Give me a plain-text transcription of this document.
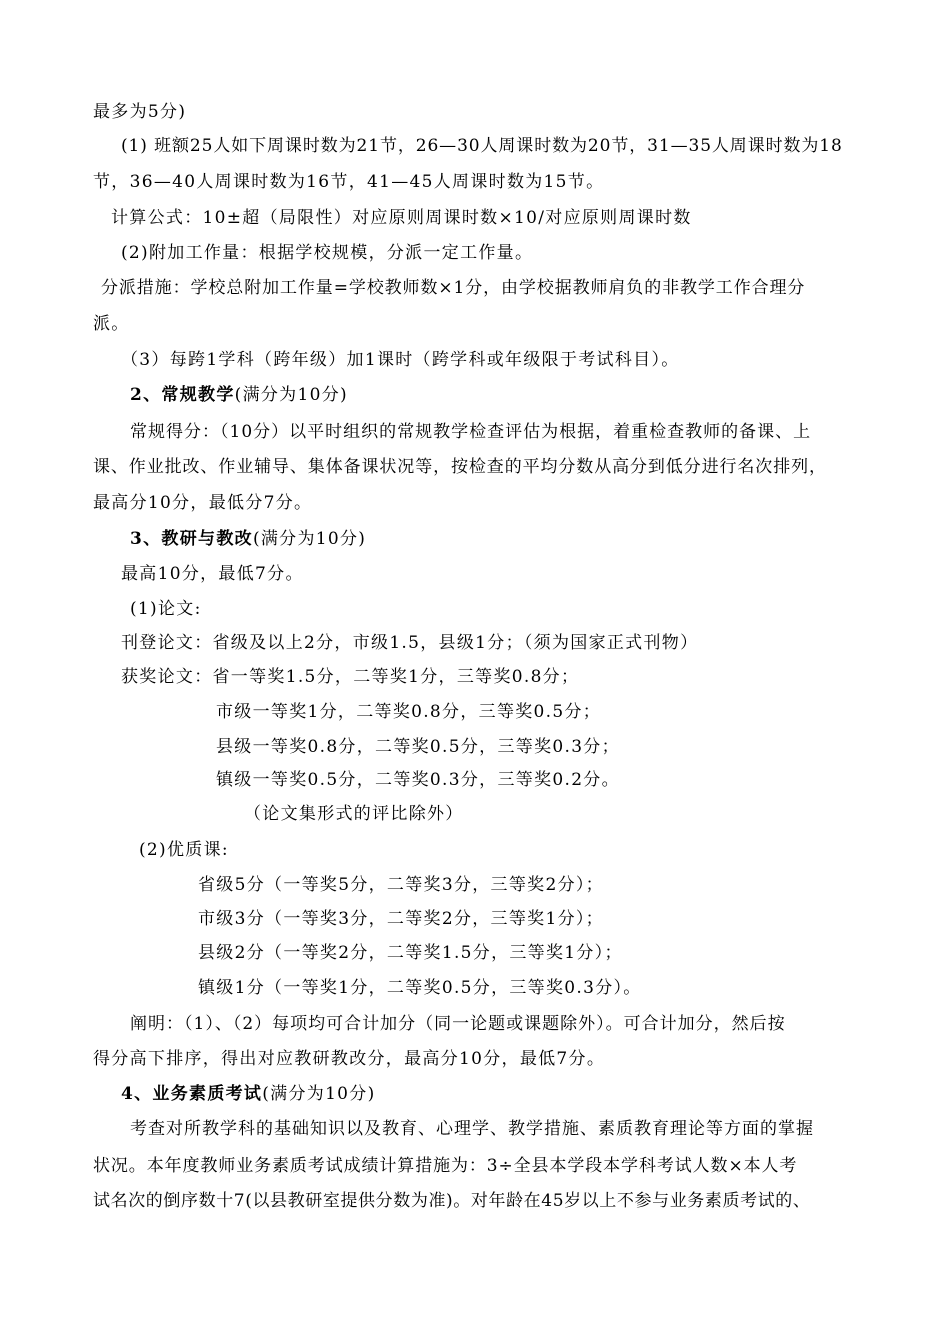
最多为5分)
(1) 班额25人如下周课时数为21节，26—30人周课时数为20节，31—35人周课时数为18
节，36—40人周课时数为16节，41—45人周课时数为15节。
计算公式：10±超（局限性）对应原则周课时数×10/对应原则周课时数
(2)附加工作量：根据学校规模，分派一定工作量。
分派措施：学校总附加工作量=学校教师数×1分，由学校据教师肩负的非教学工作合理分
派。
（3）每跨1学科（跨年级）加1课时（跨学科或年级限于考试科目）。
2、常规教学(满分为10分)
常规得分：（10分）以平时组织的常规教学检查评估为根据，着重检查教师的备课、上
课、作业批改、作业辅导、集体备课状况等，按检查的平均分数从高分到低分进行名次排列，
最高分10分，最低分7分。
3、教研与教改(满分为10分)
最高10分，最低7分。
(1)论文:
刊登论文：省级及以上2分，市级1.5，县级1分；（须为国家正式刊物）
获奖论文：省一等奖1.5分，二等奖1分，三等奖0.8分；
市级一等奖1分，二等奖0.8分，三等奖0.5分；
县级一等奖0.8分，二等奖0.5分，三等奖0.3分；
镇级一等奖0.5分，二等奖0.3分，三等奖0.2分。
（论文集形式的评比除外）
(2)优质课:
省级5分（一等奖5分，二等奖3分，三等奖2分）；
市级3分（一等奖3分，二等奖2分，三等奖1分）；
县级2分（一等奖2分，二等奖1.5分，三等奖1分）；
镇级1分（一等奖1分，二等奖0.5分，三等奖0.3分）。
阐明：（1）、（2）每项均可合计加分（同一论题或课题除外）。可合计加分，然后按
得分高下排序，得出对应教研教改分，最高分10分，最低7分。
4、业务素质考试(满分为10分)
考查对所教学科的基础知识以及教育、心理学、教学措施、素质教育理论等方面的掌握
状况。本年度教师业务素质考试成绩计算措施为：3÷全县本学段本学科考试人数×本人考
试名次的倒序数十7(以县教研室提供分数为准)。对年龄在45岁以上不参与业务素质考试的、
